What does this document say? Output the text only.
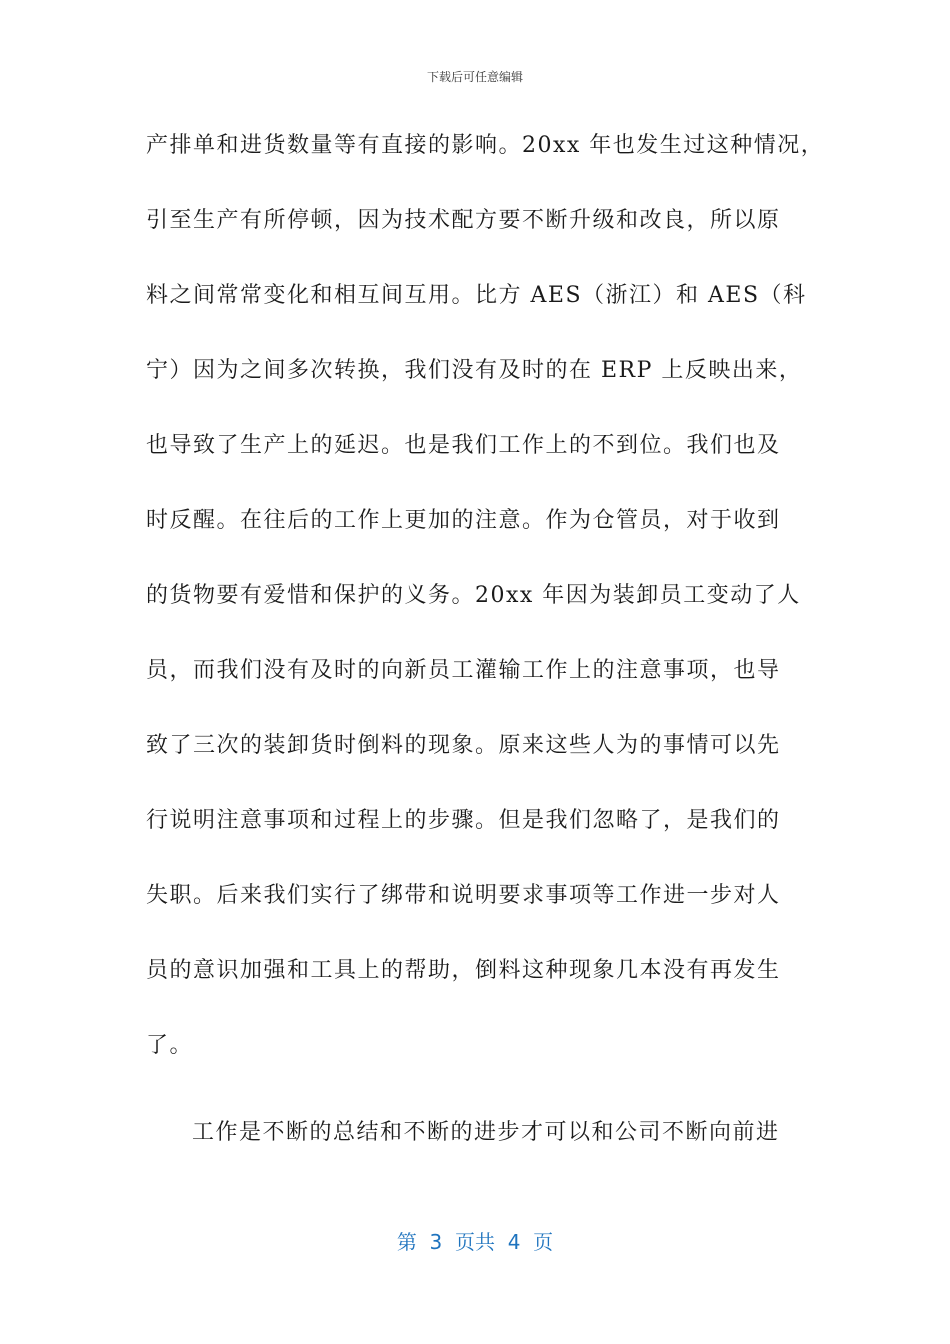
下载后可任意编辑
产排单和进货数量等有直接的影响。20xx 年也发生过这种情况，
引至生产有所停顿，因为技术配方要不断升级和改良，所以原
料之间常常变化和相互间互用。比方 AES（浙江）和 AES（科
宁）因为之间多次转换，我们没有及时的在 ERP 上反映出来，
也导致了生产上的延迟。也是我们工作上的不到位。我们也及
时反醒。在往后的工作上更加的注意。作为仓管员，对于收到
的货物要有爱惜和保护的义务。20xx 年因为装卸员工变动了人
员，而我们没有及时的向新员工灌输工作上的注意事项，也导
致了三次的装卸货时倒料的现象。原来这些人为的事情可以先
行说明注意事项和过程上的步骤。但是我们忽略了，是我们的
失职。后来我们实行了绑带和说明要求事项等工作进一步对人
员的意识加强和工具上的帮助，倒料这种现象几本没有再发生
了。
工作是不断的总结和不断的进步才可以和公司不断向前进
第  3  页共  4  页
